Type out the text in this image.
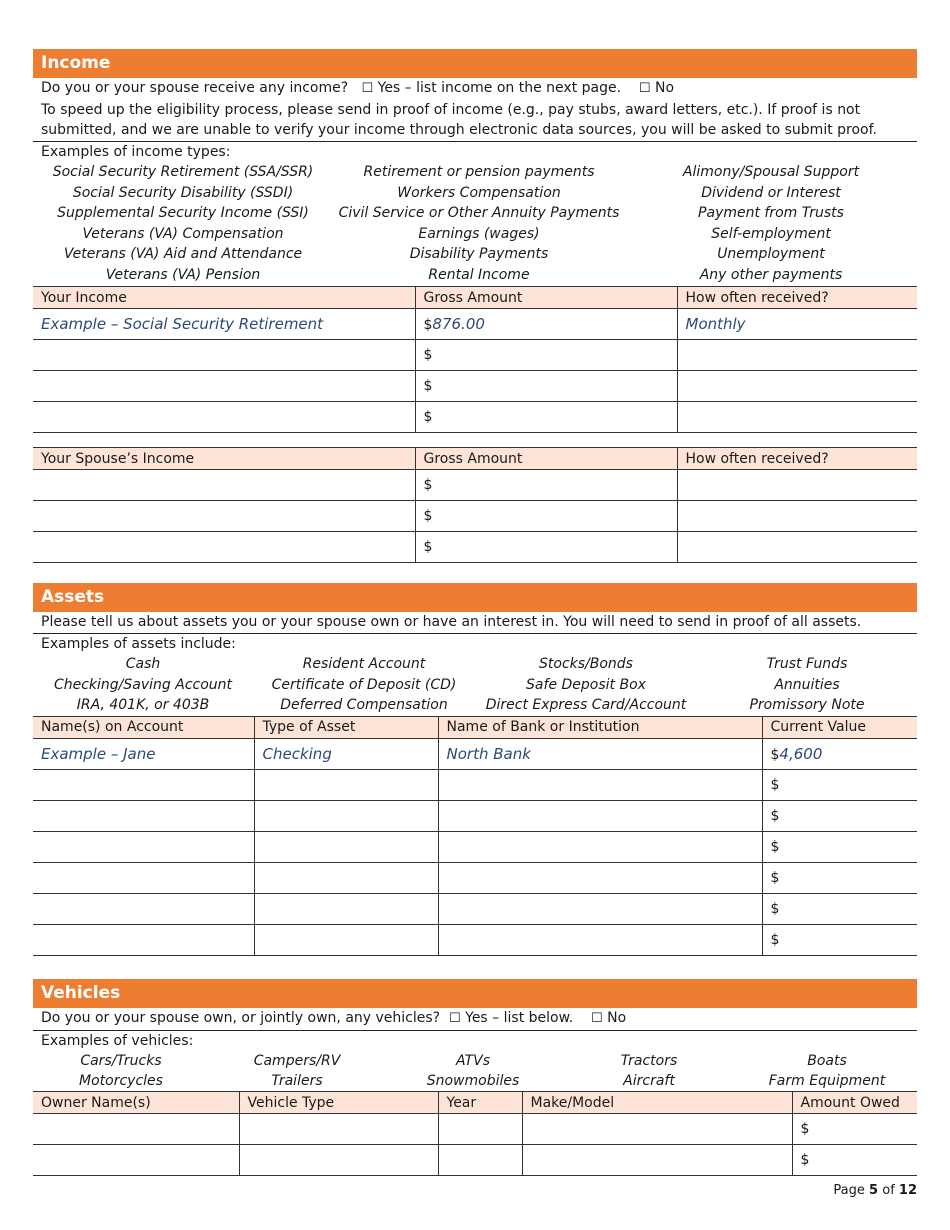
Income
Do you or your spouse receive any income? ☐ Yes – list income on the next page. ☐ No
To speed up the eligibility process, please send in proof of income (e.g., pay stubs, award letters, etc.). If proof is not
submitted, and we are unable to verify your income through electronic data sources, you will be asked to submit proof.
Examples of income types:
Social Security Retirement (SSA/SSR)	Retirement or pension payments	Alimony/Spousal Support
Social Security Disability (SSDI)	Workers Compensation	Dividend or Interest
Supplemental Security Income (SSI)	Civil Service or Other Annuity Payments	Payment from Trusts
Veterans (VA) Compensation	Earnings (wages)	Self-employment
Veterans (VA) Aid and Attendance	Disability Payments	Unemployment
Veterans (VA) Pension	Rental Income	Any other payments
Your Income	Gross Amount	How often received?
Example – Social Security Retirement	$876.00	Monthly
	$	
	$	
	$	
Your Spouse’s Income	Gross Amount	How often received?
	$	
	$	
	$	
Assets
Please tell us about assets you or your spouse own or have an interest in. You will need to send in proof of all assets.
Examples of assets include:
Cash	Resident Account	Stocks/Bonds	Trust Funds
Checking/Saving Account	Certificate of Deposit (CD)	Safe Deposit Box	Annuities
IRA, 401K, or 403B	Deferred Compensation	Direct Express Card/Account	Promissory Note
Name(s) on Account	Type of Asset	Name of Bank or Institution	Current Value
Example – Jane	Checking	North Bank	$4,600
			$
			$
			$
			$
			$
			$
Vehicles
Do you or your spouse own, or jointly own, any vehicles? ☐ Yes – list below. ☐ No
Examples of vehicles:
Cars/Trucks	Campers/RV	ATVs	Tractors	Boats
Motorcycles	Trailers	Snowmobiles	Aircraft	Farm Equipment
Owner Name(s)	Vehicle Type	Year	Make/Model	Amount Owed
				$
				$
Page 5 of 12
